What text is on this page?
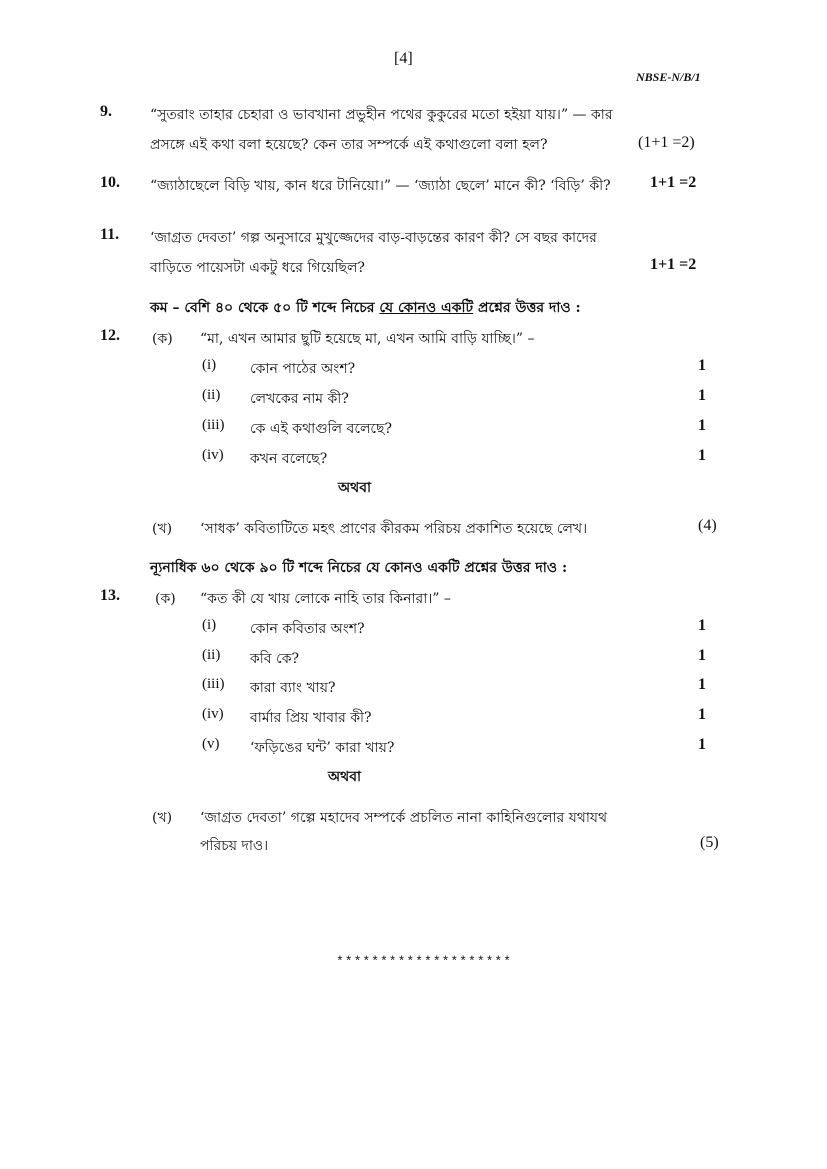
[4]
NBSE-N/B/1
9.	“সুতরাং তাহার চেহারা ও ভাবখানা প্রভুহীন পথের কুকুরের মতো হইয়া যায়।” — কার
প্রসঙ্গে এই কথা বলা হয়েছে? কেন তার সম্পর্কে এই কথাগুলো বলা হল?	(1+1 =2)
10. “জ্যাঠাছেলে বিড়ি খায়, কান ধরে টানিয়ো।” — ‘জ্যাঠা ছেলে’ মানে কী? ‘বিড়ি’ কী? 1+1 =2
11. ‘জাগ্রত দেবতা’ গল্প অনুসারে মুখুজ্জেদের বাড়-বাড়ন্তের কারণ কী? সে বছর কাদের
বাড়িতে পায়েসটা একটু ধরে গিয়েছিল?	1+1 =2
কম – বেশি ৪০ থেকে ৫০ টি শব্দে নিচের যে কোনও একটি প্রশ্নের উত্তর দাও :
12. (ক) “মা, এখন আমার ছুটি হয়েছে মা, এখন আমি বাড়ি যাচ্ছি।” –
(i) কোন পাঠের অংশ?	1
(ii) লেখকের নাম কী?	1
(iii) কে এই কথাগুলি বলেছে?	1
(iv) কখন বলেছে?	1
অথবা
(খ) ‘সাধক’ কবিতাটিতে মহৎ প্রাণের কীরকম পরিচয় প্রকাশিত হয়েছে লেখ।	(4)
ন্যূনাধিক ৬০ থেকে ৯০ টি শব্দে নিচের যে কোনও একটি প্রশ্নের উত্তর দাও :
13.	(ক) “কত কী যে খায় লোকে নাহি তার কিনারা।” –
(i) কোন কবিতার অংশ?	1
(ii) কবি কে?	1
(iii) কারা ব্যাং খায়?	1
(iv) বার্মার প্রিয় খাবার কী?	1
(v) ‘ফড়িঙের ঘন্ট’ কারা খায়?	1
অথবা
(খ) ‘জাগ্রত দেবতা’ গল্পে মহাদেব সম্পর্কে প্রচলিত নানা কাহিনিগুলোর যথাযথ
পরিচয় দাও।	(5)
********************
